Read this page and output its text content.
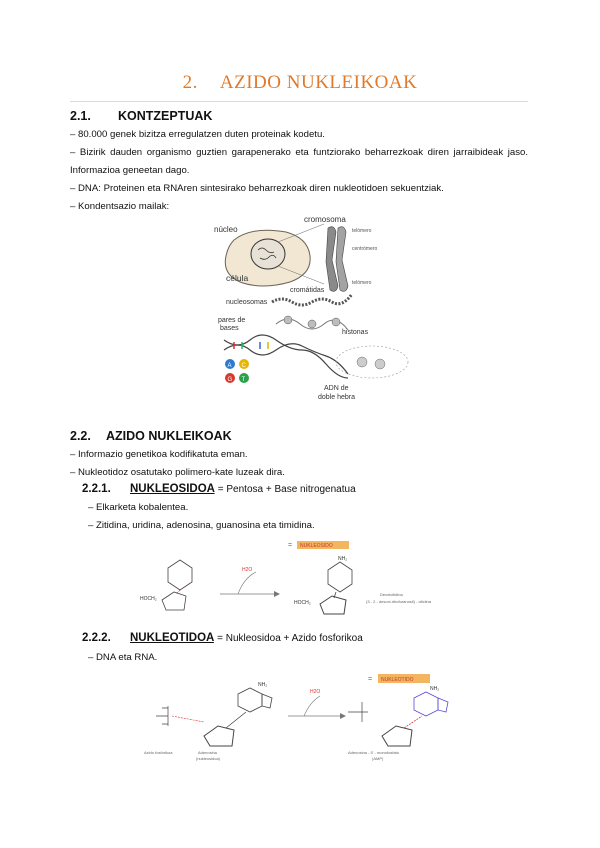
2. AZIDO NUKLEIKOAK
2.1. KONTZEPTUAK
– 80.000 genek bizitza erregulatzen duten proteinak kodetu.
– Bizirik dauden organismo guztien garapenerako eta funtziorako beharrezkoak diren jarraibideak jaso. Informazioa geneetan dago.
– DNA: Proteinen eta RNAren sintesirako beharrezkoak diren nukleotidoen sekuentziak.
– Kondentsazio mailak:
núcleo
célula
cromosoma
telómero
centrómero
telómero
cromátidas
nucleosomas
pares de
bases
histonas
ADN de
doble hebra
A C
G T
2.2. AZIDO NUKLEIKOAK
– Informazio genetikoa kodifikatuta eman.
– Nukleotidoz osatutako polimero-kate luzeak dira.
2.2.1. NUKLEOSIDOA = Pentosa + Base nitrogenatua
– Elkarketa kobalentea.
– Zitidina, uridina, adenosina, guanosina eta timidina.
HOCH₂
H2O
= NUKLEOSIDO
NH₂
HOCH₂
Deoxicitidina
(3 - 2 - desoxi-ribofuranosil) - citidina
2.2.2. NUKLEOTIDOA = Nukleosidoa + Azido fosforikoa
– DNA eta RNA.
Azido fosforikoa
NH₂
Adenosina
(nukleosidoa)
H2O
= NUKLEOTIDO
NH₂
Adenosina - 5' - monofosfato
(AMP)
